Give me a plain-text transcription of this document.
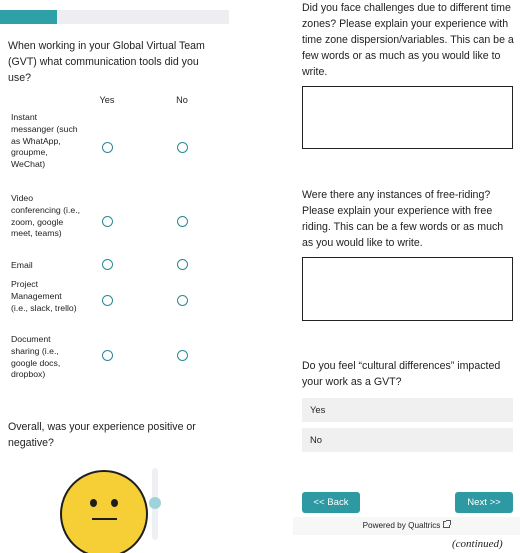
When working in your Global Virtual Team (GVT) what communication tools did you use?
Yes	No
Instant messanger (such as WhatApp, groupme, WeChat)
Video conferencing (i.e., zoom, google meet, teams)
Email
Project Management (i.e., slack, trello)
Document sharing (i.e., google docs, dropbox)
Overall, was your experience positive or negative?
Did you face challenges due to different time zones? Please explain your experience with time zone dispersion/variables. This can be a few words or as much as you would like to write.
Were there any instances of free-riding? Please explain your experience with free riding. This can be a few words or as much as you would like to write.
Do you feel “cultural differences” impacted your work as a GVT?
Yes
No
<< Back	Next >>
Powered by Qualtrics
(continued)
